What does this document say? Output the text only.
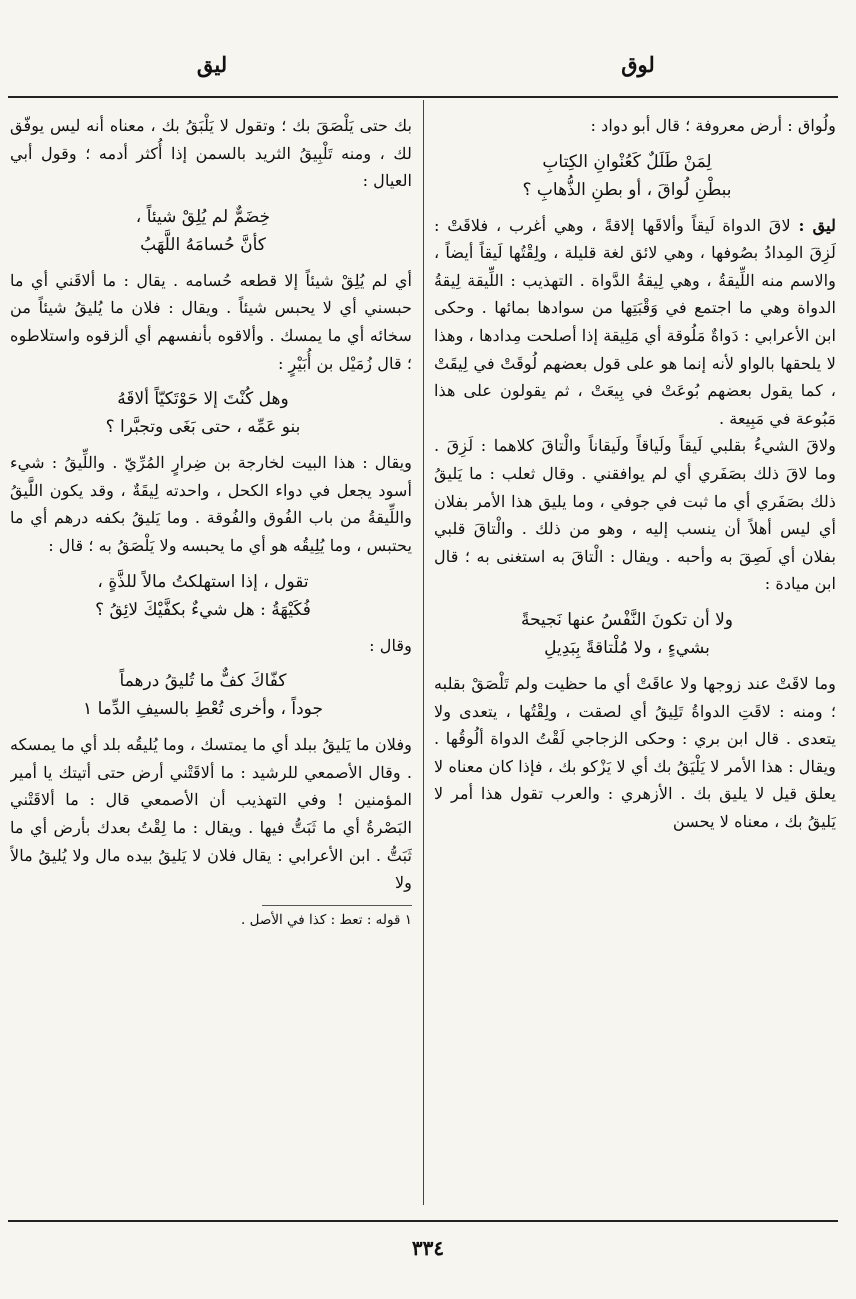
لوق
ليق

ولُواق : أرض معروفة ؛ قال أبو دواد :

لِمَنْ طَلَلٌ كَعُنْوانِ الكِتابِ
ببطْنِ لُواقَ ، أو بطنِ الذُّهابِ ؟

ليق : لاقَ الدواة لَيقاً وألاقَها إلاقةً ، وهي أغرب ، فلاقَتْ : لَزِقَ المِدادُ بصُوفها ، وهي لائق لغة قليلة ، ولِقْتُها لَيقاً أيضاً ، والاسم منه اللِّيقةُ ، وهي لِيقةُ الدَّواة . التهذيب : اللِّيقة لِيقةُ الدواة وهي ما اجتمع في وَقْبَتِها من سوادها بمائها . وحكى ابن الأعرابي : دَواةٌ مَلُوقة أي مَلِيقة إذا أصلحت مِدادها ، وهذا لا يلحقها بالواو لأنه إنما هو على قول بعضهم لُوقَتْ في لِيقَتْ ، كما يقول بعضهم بُوعَتْ في بِيعَتْ ، ثم يقولون على هذا مَبُوعة في مَبِيعة .

ولاقَ الشيءُ بقلبي لَيقاً ولَياقاً ولَيقاناً والْتاقَ كلاهما : لَزِقَ . وما لاقَ ذلك بصَفَري أي لم يوافقني . وقال ثعلب : ما يَليقُ ذلك بصَفَري أي ما ثبت في جوفي ، وما يليق هذا الأمر بفلان أي ليس أهلاً أن ينسب إليه ، وهو من ذلك . والْتاقَ قلبي بفلان أي لَصِقَ به وأحبه . ويقال : الْتاقَ به استغنى به ؛ قال ابن ميادة :

ولا أن تكونَ النَّفْسُ عنها نَجيحةً
بشيءٍ ، ولا مُلْتاقةً بِبَدِيلِ

وما لاقَتْ عند زوجها ولا عاقَتْ أي ما حظيت ولم تَلْصَقْ بقلبه ؛ ومنه : لاقَتِ الدواةُ تَلِيقُ أي لصقت ، ولِقْتُها ، يتعدى ولا يتعدى . قال ابن بري : وحكى الزجاجي لَقْتُ الدواة ألُوقُها . ويقال : هذا الأمر لا يَلْيَقُ بك أي لا يَزْكو بك ، فإذا كان معناه لا يعلق قيل لا يليق بك . الأزهري : والعرب تقول هذا أمر لا يَليقُ بك ، معناه لا يحسن

بك حتى يَلْصَقَ بك ؛ وتقول لا يَلْبَقُ بك ، معناه أنه ليس يوفّق لك ، ومنه تَلْبِيقُ الثريد بالسمن إذا أُكثر أدمه ؛ وقول أبي العيال :

خِضَمٌّ لم يُلِقْ شيئاً ،
كأنَّ حُسامَهُ اللَّهَبُ

أي لم يُلِقْ شيئاً إلا قطعه حُسامه . يقال : ما ألاقَني أي ما حبسني أي لا يحبس شيئاً . ويقال : فلان ما يُليقُ شيئاً من سخائه أي ما يمسك . وألاقوه بأنفسهم أي ألزقوه واستلاطوه ؛ قال زُمَيْل بن أُبَيْرٍ :

وهل كُنْتَ إلا حَوْتَكيّاً ألاقَهُ
بنو عَمِّه ، حتى بَغَى وتجبَّرا ؟

ويقال : هذا البيت لخارجة بن ضِرارٍ المُرِّيّ . واللِّيقُ : شيء أسود يجعل في دواء الكحل ، واحدته لِيقَةٌ ، وقد يكون اللَّيقُ واللِّيقةُ من باب الفُوق والفُوقة . وما يَليقُ بكفه درهم أي ما يحتبس ، وما يُلِيقُه هو أي ما يحبسه ولا يَلْصَقُ به ؛ قال :

تقول ، إذا استهلكتُ مالاً للذَّةٍ ،
فُكَيْهَةُ : هل شيءٌ بكفَّيْكَ لائِقُ ؟

وقال :

كفّاكَ كفٌّ ما تُليقُ درهماً
جوداً ، وأخرى تُعْطِ بالسيفِ الدِّما ١

وفلان ما يَليقُ ببلد أي ما يمتسك ، وما يُليقُه بلد أي ما يمسكه . وقال الأصمعي للرشيد : ما ألاقَتْني أرض حتى أتيتك يا أمير المؤمنين ! وفي التهذيب أن الأصمعي قال : ما ألاقَتْني البَصْرةُ أي ما ثَبَتُّ فيها . ويقال : ما لِقْتُ بعدك بأرض أي ما ثَبَتُّ . ابن الأعرابي : يقال فلان لا يَليقُ بيده مال ولا يُليقُ مالاً ولا

١ قوله : تعط : كذا في الأصل .

٣٣٤
